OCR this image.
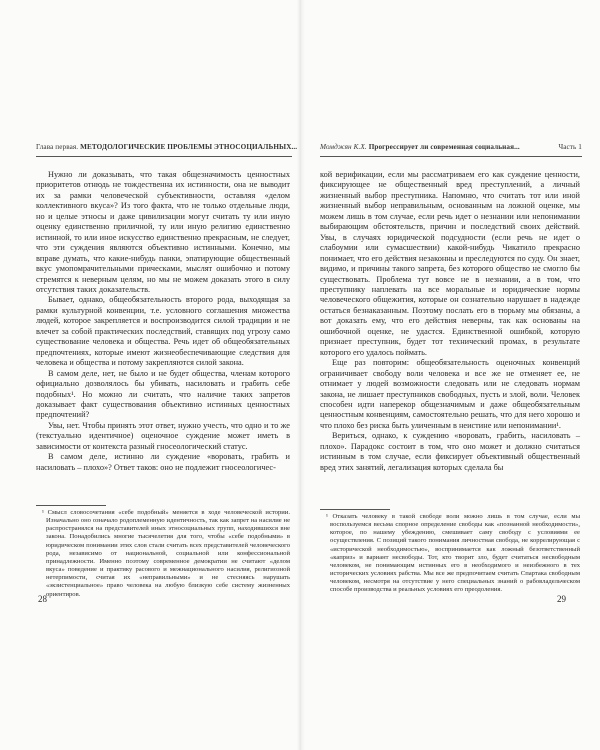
Глава первая. МЕТОДОЛОГИЧЕСКИЕ ПРОБЛЕМЫ ЭТНОСОЦИАЛЬНЫХ...

Нужно ли доказывать, что такая общезначимость ценностных приоритетов отнюдь не тождественна их истинности, она не выводит их за рамки человеческой субъективности, оставляя «делом коллективного вкуса»? Из того факта, что не только отдельные люди, но и целые этносы и даже цивилизации могут считать ту или иную оценку единственно приличной, ту или иную религию единственно истинной, то или иное искусство единственно прекрасным, не следует, что эти суждения являются объективно истинными. Конечно, мы вправе думать, что какие-нибудь панки, эпатирующие общественный вкус умопомрачительными прическами, мыслят ошибочно и потому стремятся к неверным целям, но мы не можем доказать этого в силу отсутствия таких доказательств.

Бывает, однако, общеобязательность второго рода, выходящая за рамки культурной конвенции, т.е. условного соглашения множества людей, которое закрепляется и воспроизводится силой традиции и не влечет за собой практических последствий, ставящих под угрозу само существование человека и общества. Речь идет об общеобязательных предпочтениях, которые имеют жизнеобеспечивающие следствия для человека и общества и потому закрепляются силой закона.

В самом деле, нет, не было и не будет общества, членам которого официально дозволялось бы убивать, насиловать и грабить себе подобных¹. Но можно ли считать, что наличие таких запретов доказывает факт существования объективно истинных ценностных предпочтений?

Увы, нет. Чтобы принять этот ответ, нужно учесть, что одно и то же (текстуально идентичное) оценочное суждение может иметь в зависимости от контекста разный гносеологический статус.

В самом деле, истинно ли суждение «воровать, грабить и насиловать – плохо»? Ответ таков: оно не подлежит гносеологичес-

¹ Смысл словосочетания «себе подобный» меняется в ходе человеческой истории. Изначально оно означало родоплеменную идентичность, так как запрет на насилие не распространялся на представителей иных этносоциальных групп, находившихся вне закона. Понадобились многие тысячелетия для того, чтобы «себе подобными» в юридическом понимании этих слов стали считать всех представителей человеческого рода, независимо от национальной, социальной или конфессиональной принадлежности. Именно поэтому современное демократии не считают «делом вкуса» поведение и практику расового и межнационального насилия, религиозной нетерпимости, считая их «неправильными» и не стесняясь нарушать «экзистенциальное» право человека на любую близкую себе систему жизненных ориентиров.

28
Момджян К.Х. Прогрессирует ли современная социальная...	Часть 1

кой верификации, если мы рассматриваем его как суждение ценности, фиксирующее не общественный вред преступлений, а личный жизненный выбор преступника. Напомню, что считать тот или иной жизненный выбор неправильным, основанным на ложной оценке, мы можем лишь в том случае, если речь идет о незнании или непонимании выбирающим обстоятельств, причин и последствий своих действий. Увы, в случаях юридической подсудности (если речь не идет о слабоумии или сумасшествии) какой-нибудь Чикатило прекрасно понимает, что его действия незаконны и преследуются по суду. Он знает, видимо, и причины такого запрета, без которого общество не смогло бы существовать. Проблема тут вовсе не в незнании, а в том, что преступнику наплевать на все моральные и юридические нормы человеческого общежития, которые он сознательно нарушает в надежде остаться безнаказанным. Поэтому послать его в тюрьму мы обязаны, а вот доказать ему, что его действия неверны, так как основаны на ошибочной оценке, не удастся. Единственной ошибкой, которую признает преступник, будет тот технический промах, в результате которого его удалось поймать.

Еще раз повторим: общеобязательность оценочных конвенций ограничивает свободу воли человека и все же не отменяет ее, не отнимает у людей возможности следовать или не следовать нормам закона, не лишает преступников свободных, пусть и злой, воли. Человек способен идти наперекор общезначимым и даже общеобязательным ценностным конвенциям, самостоятельно решать, что для него хорошо и что плохо без риска быть уличенным в неистине или непонимании¹.

Вериться, однако, к суждению «воровать, грабить, насиловать – плохо». Парадокс состоит в том, что оно может и должно считаться истинным в том случае, если фиксирует объективный общественный вред этих занятий, легализация которых сделала бы

¹ Отказать человеку в такой свободе воли можно лишь в том случае, если мы воспользуемся весьма спорное определение свободы как «познанной необходимости», которое, по нашему убеждению, смешивает саму свободу с условиями ее осуществления. С позиций такого понимания личностная свобода, не коррелирующая с «исторической необходимостью», воспринимается как ложный безответственный «каприз» и вариант несвободы. Тот, кто творит зло, будет считаться несвободным человеком, не понимающим истинных его в необходимого и неизбежного в тех исторических условиях рабства. Мы все же предпочитаем считать Спартака свободным человеком, несмотря на отсутствие у него специальных знаний о рабовладельческом способе производства и реальных условиях его преодоления.

29
